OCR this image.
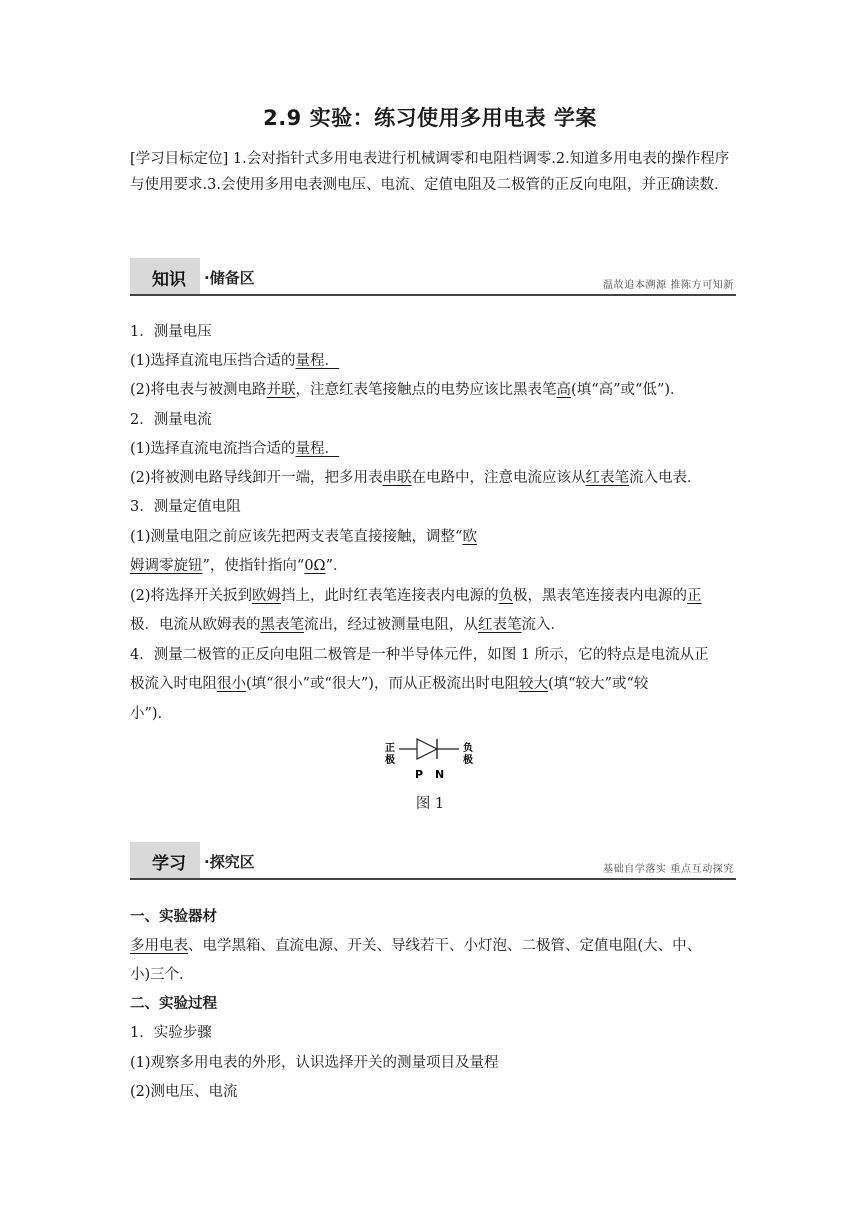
2.9 实验：练习使用多用电表 学案
[学习目标定位] 1.会对指针式多用电表进行机械调零和电阻档调零.2.知道多用电表的操作程序与使用要求.3.会使用多用电表测电压、电流、定值电阻及二极管的正反向电阻，并正确读数.
知识 ·储备区	温故追本溯源 推陈方可知新
1．测量电压
(1)选择直流电压挡合适的量程．
(2)将电表与被测电路并联，注意红表笔接触点的电势应该比黑表笔高(填“高”或“低”)．
2．测量电流
(1)选择直流电流挡合适的量程．
(2)将被测电路导线卸开一端，把多用表串联在电路中，注意电流应该从红表笔流入电表．
3．测量定值电阻
(1)测量电阻之前应该先把两支表笔直接接触，调整“欧
姆调零旋钮”，使指针指向“0Ω”．
(2)将选择开关扳到欧姆挡上，此时红表笔连接表内电源的负极，黑表笔连接表内电源的正
极．电流从欧姆表的黑表笔流出，经过被测量电阻，从红表笔流入．
4．测量二极管的正反向电阻二极管是一种半导体元件，如图 1 所示，它的特点是电流从正
极流入时电阻很小(填“很小”或“很大”)，而从正极流出时电阻较大(填“较大”或“较
小”)．
正
极
负
极
P N
图 1
学习 ·探究区	基础自学落实 重点互动探究
一、实验器材
多用电表、电学黑箱、直流电源、开关、导线若干、小灯泡、二极管、定值电阻(大、中、
小)三个．
二、实验过程
1．实验步骤
(1)观察多用电表的外形，认识选择开关的测量项目及量程
(2)测电压、电流
